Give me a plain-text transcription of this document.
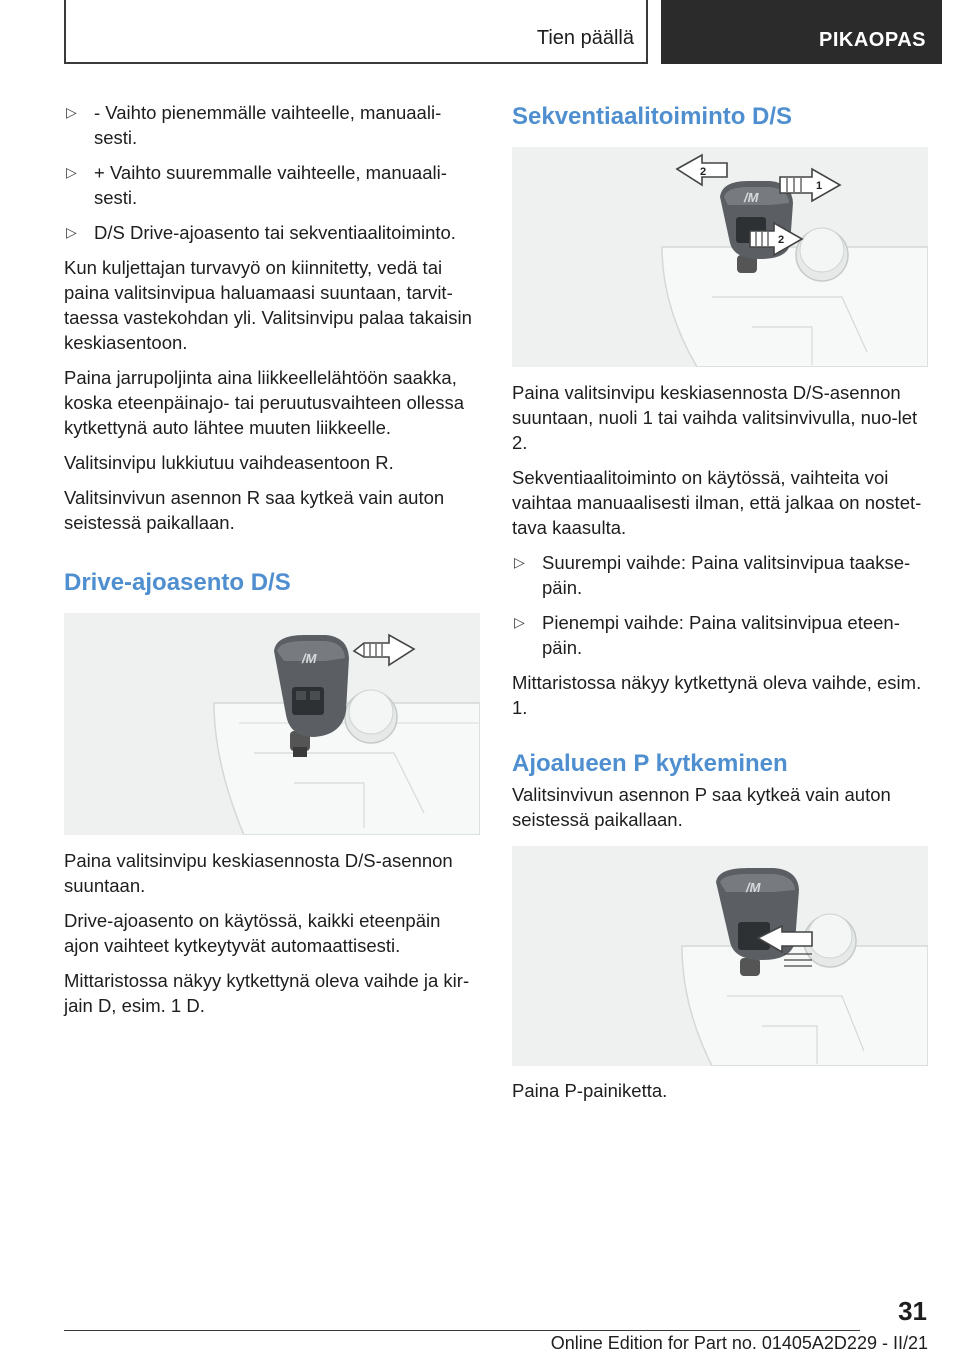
Tien päällä	PIKAOPAS
▷ - Vaihto pienemmälle vaihteelle, manuaali-
sesti.
▷ + Vaihto suuremmalle vaihteelle, manuaali-
sesti.
▷ D/S Drive-ajoasento tai sekventiaalitoiminto.

Kun kuljettajan turvavyö on kiinnitetty, vedä tai paina valitsinvipua haluamaasi suuntaan, tarvit-taessa vastekohdan yli. Valitsinvipu palaa takaisin keskiasentoon.

Paina jarrupoljinta aina liikkeellelähtöön saakka, koska eteenpäinajo- tai peruutusvaihteen ollessa kytkettynä auto lähtee muuten liikkeelle.

Valitsinvipu lukkiutuu vaihdeasentoon R.

Valitsinvivun asennon R saa kytkeä vain auton seistessä paikallaan.

Drive-ajoasento D/S
/M

Paina valitsinvipu keskiasennosta D/S-asennon suuntaan.

Drive-ajoasento on käytössä, kaikki eteenpäin ajon vaihteet kytkeytyvät automaattisesti.

Mittaristossa näkyy kytkettynä oleva vaihde ja kir-jain D, esim. 1 D.

Sekventiaalitoiminto D/S
/M
2
1
2

Paina valitsinvipu keskiasennosta D/S-asennon suuntaan, nuoli 1 tai vaihda valitsinvivulla, nuo-let 2.

Sekventiaalitoiminto on käytössä, vaihteita voi vaihtaa manuaalisesti ilman, että jalkaa on nostet-tava kaasulta.

▷ Suurempi vaihde: Paina valitsinvipua taakse-päin.
▷ Pienempi vaihde: Paina valitsinvipua eteen-päin.

Mittaristossa näkyy kytkettynä oleva vaihde, esim. 1.

Ajoalueen P kytkeminen

Valitsinvivun asennon P saa kytkeä vain auton seistessä paikallaan.

/M

Paina P-painiketta.

31
Online Edition for Part no. 01405A2D229 - II/21
